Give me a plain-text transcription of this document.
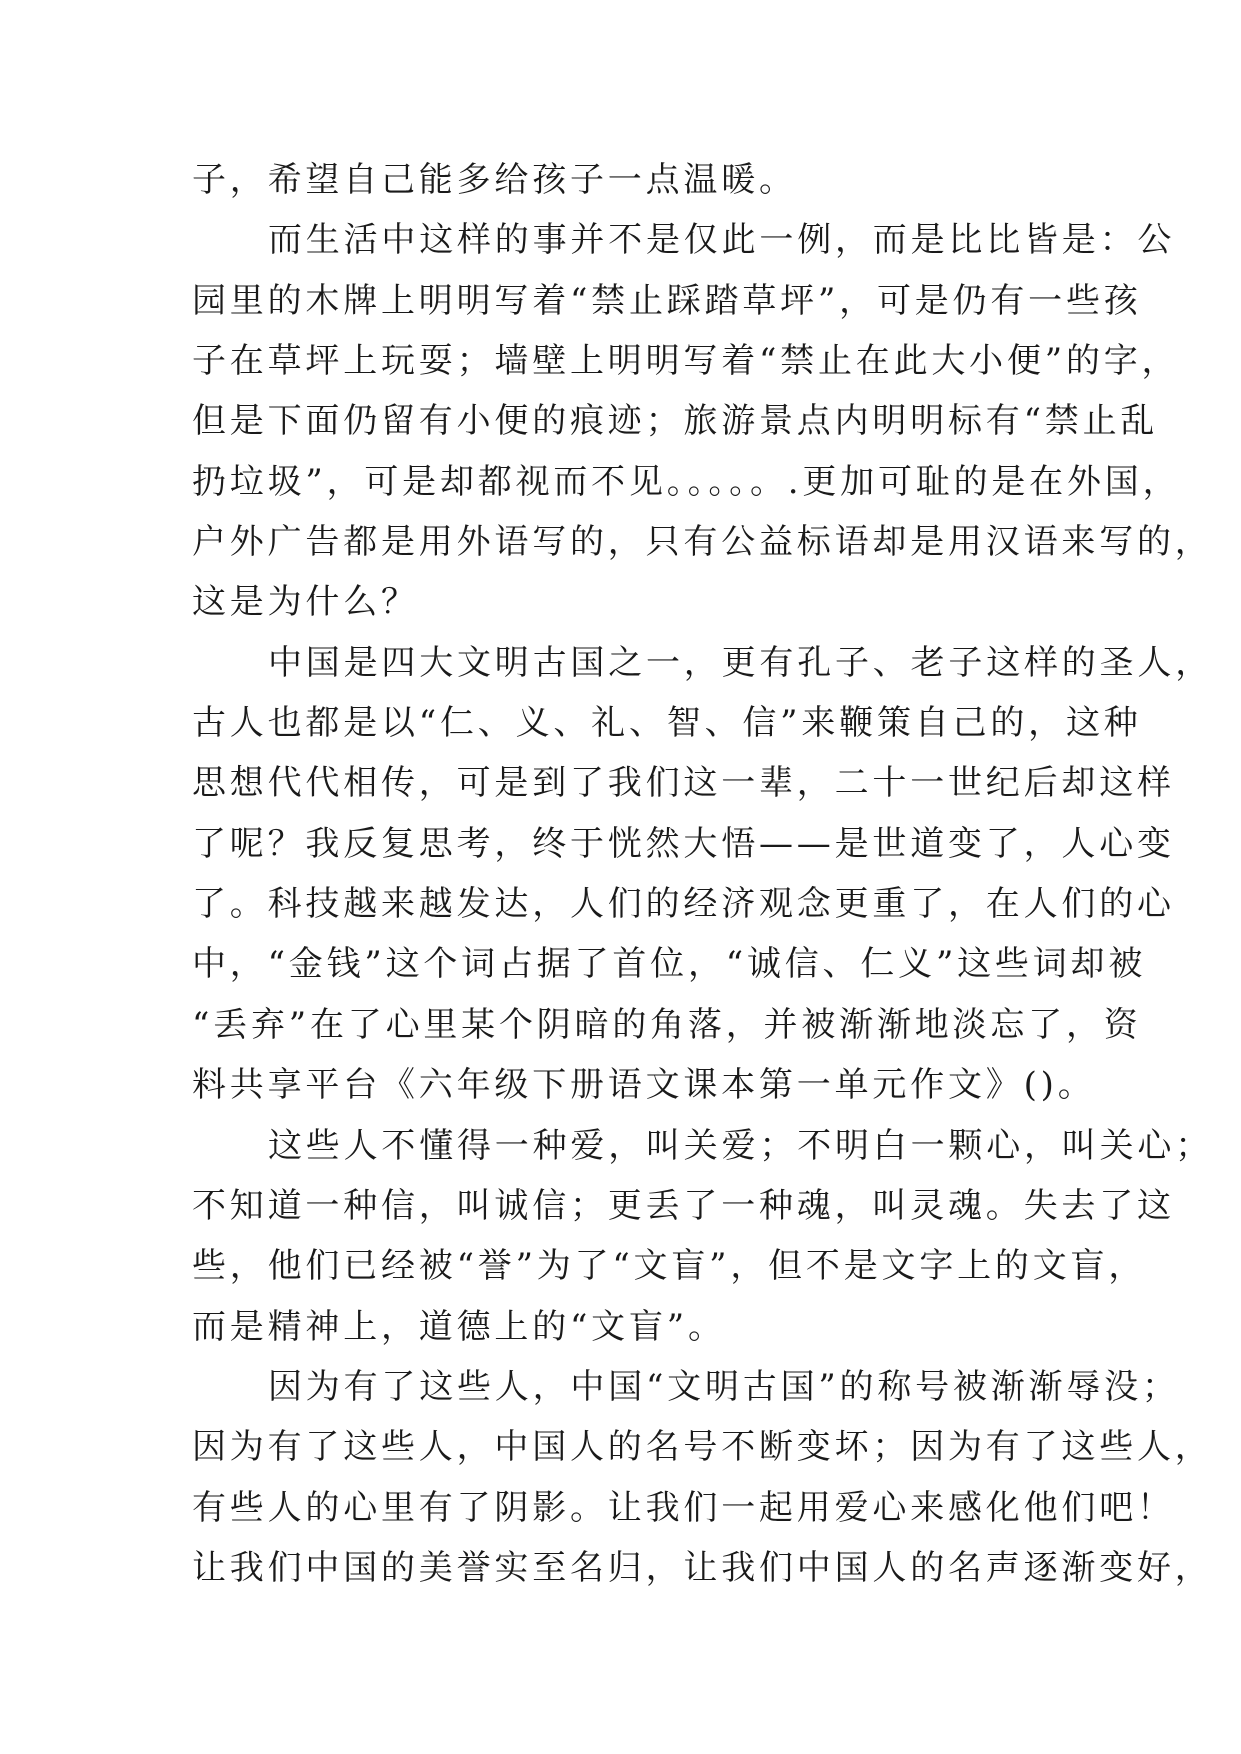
子，希望自己能多给孩子一点温暖。
而生活中这样的事并不是仅此一例，而是比比皆是：公
园里的木牌上明明写着“禁止踩踏草坪”，可是仍有一些孩
子在草坪上玩耍；墙壁上明明写着“禁止在此大小便”的字，
但是下面仍留有小便的痕迹；旅游景点内明明标有“禁止乱
扔垃圾”，可是却都视而不见。。。。。.更加可耻的是在外国，
户外广告都是用外语写的，只有公益标语却是用汉语来写的，
这是为什么？
中国是四大文明古国之一，更有孔子、老子这样的圣人，
古人也都是以“仁、义、礼、智、信”来鞭策自己的，这种
思想代代相传，可是到了我们这一辈，二十一世纪后却这样
了呢？我反复思考，终于恍然大悟——是世道变了，人心变
了。科技越来越发达，人们的经济观念更重了，在人们的心
中，“金钱”这个词占据了首位，“诚信、仁义”这些词却被
“丢弃”在了心里某个阴暗的角落，并被渐渐地淡忘了，资
料共享平台《六年级下册语文课本第一单元作文》()。
这些人不懂得一种爱，叫关爱；不明白一颗心，叫关心；
不知道一种信，叫诚信；更丢了一种魂，叫灵魂。失去了这
些，他们已经被“誉”为了“文盲”，但不是文字上的文盲，
而是精神上，道德上的“文盲”。
因为有了这些人，中国“文明古国”的称号被渐渐辱没；
因为有了这些人，中国人的名号不断变坏；因为有了这些人，
有些人的心里有了阴影。让我们一起用爱心来感化他们吧！
让我们中国的美誉实至名归，让我们中国人的名声逐渐变好，
